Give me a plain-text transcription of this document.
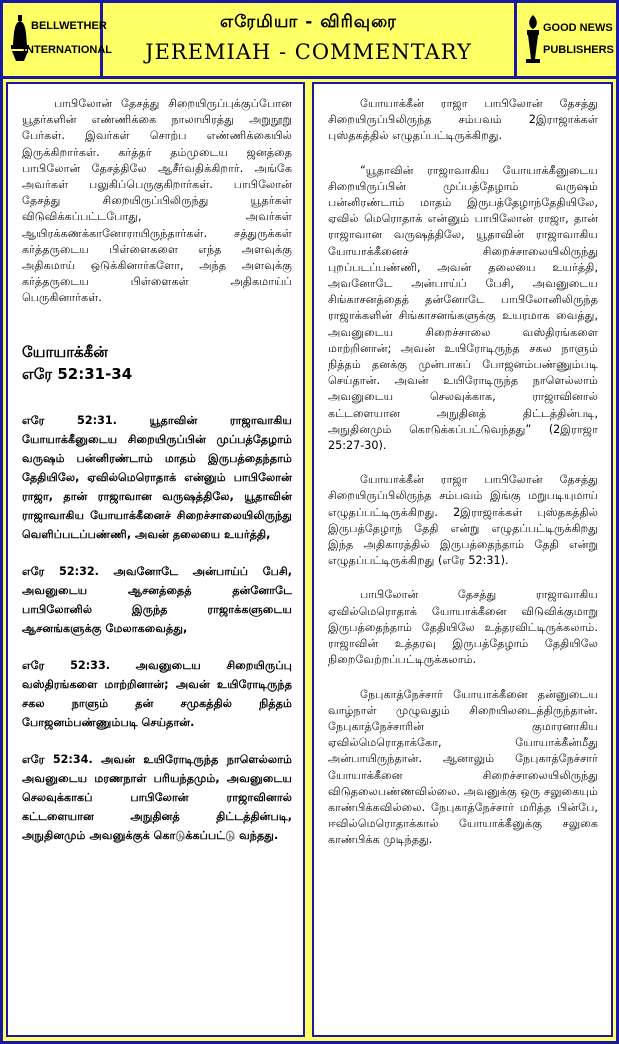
BELLWETHER
INTERNATIONAL
எரேமியா - விரிவுரை
JEREMIAH - COMMENTARY
GOOD NEWS
PUBLISHERS

பாபிலோன் தேசத்து சிறையிருப்புக்குப்போன யூதர்களின் எண்ணிக்கை நாலாயிரத்து அறுநூறு பேர்கள். இவர்கள் சொற்ப எண்ணிக்கையில் இருக்கிறார்கள். கர்த்தர் தம்முடைய ஜனத்தை பாபிலோன் தேசத்திலே ஆசீர்வதிக்கிறார். அங்கே அவர்கள் பலுகிப்பெருகுகிறார்கள். பாபிலோன் தேசத்து சிறையிருப்பிலிருந்து யூதர்கள் விடுவிக்கப்பட்டபோது, அவர்கள் ஆயிரக்கணக்கானோராயிருந்தார்கள். சத்துருக்கள் கர்த்தருடைய பிள்ளைகளை எந்த அளவுக்கு அதிகமாய் ஒடுக்கினார்களோ, அந்த அளவுக்கு கர்த்தருடைய பிள்ளைகள் அதிகமாய்ப் பெருகினார்கள்.

யோயாக்கீன்
எரே 52:31-34
எரே 52:31. யூதாவின் ராஜாவாகிய யோயாக்கீனுடைய சிறையிருப்பின் முப்பத்தேழாம் வருஷம் பன்னிரண்டாம் மாதம் இருபத்தைந்தாம் தேதியிலே, ஏவில்மெரொதாக் என்னும் பாபிலோன் ராஜா, தான் ராஜாவான வருஷத்திலே, யூதாவின் ராஜாவாகிய யோயாக்கீனைச் சிறைச்சாலையிலிருந்து வெளிப்படப்பண்ணி, அவன் தலையை உயர்த்தி,
எரே 52:32. அவனோடே அன்பாய்ப் பேசி, அவனுடைய ஆசனத்தைத் தன்னோடே பாபிலோனில் இருந்த ராஜாக்களுடைய ஆசனங்களுக்கு மேலாகவைத்து,
எரே 52:33. அவனுடைய சிறையிருப்பு வஸ்திரங்களை மாற்றினான்; அவன் உயிரோடிருந்த சகல நாளும் தன் சமுகத்தில் நித்தம் போஜனம்பண்ணும்படி செய்தான்.
எரே 52:34. அவன் உயிரோடிருந்த நாளெல்லாம் அவனுடைய மரணநாள் பரியந்தமும், அவனுடைய செலவுக்காகப் பாபிலோன் ராஜாவினால் கட்டளையான அநுதினத் திட்டத்தின்படி, அநுதினமும் அவனுக்குக் கொடுக்கப்பட்டு வந்தது.

யோயாக்கீன் ராஜா பாபிலோன் தேசத்து சிறையிருப்பிலிருந்த சம்பவம் 2இராஜாக்கள் புஸ்தகத்தில் எழுதப்பட்டிருக்கிறது.

“யூதாவின் ராஜாவாகிய யோயாக்கீனுடைய சிறையிருப்பின் முப்பத்தேழாம் வருஷம் பன்னிரண்டாம் மாதம் இருபத்தேழாந்தேதியிலே, ஏவில் மெரொதாக் என்னும் பாபிலோன் ராஜா, தான் ராஜாவான வருஷத்திலே, யூதாவின் ராஜாவாகிய யோயாக்கீனைச் சிறைச்சாலையிலிருந்து புறப்படப்பண்ணி, அவன் தலையை உயர்த்தி, அவனோடே அன்பாய்ப் பேசி, அவனுடைய சிங்காசனத்தைத் தன்னோடே பாபிலோனிலிருந்த ராஜாக்களின் சிங்காசனங்களுக்கு உயரமாக வைத்து, அவனுடைய சிறைச்சாலை வஸ்திரங்களை மாற்றினான்; அவன் உயிரோடிருந்த சகல நாளும் நித்தம் தனக்கு முன்பாகப் போஜனம்பண்ணும்படி செய்தான். அவன் உயிரோடிருந்த நாளெல்லாம் அவனுடைய செலவுக்காக, ராஜாவினால் கட்டளையான அநுதினத் திட்டத்தின்படி, அநுதினமும் கொடுக்கப்பட்டுவந்தது” (2இராஜா 25:27-30).

யோயாக்கீன் ராஜா பாபிலோன் தேசத்து சிறையிருப்பிலிருந்த சம்பவம் இங்கு மறுபடியுமாய் எழுதப்பட்டிருக்கிறது. 2இராஜாக்கள் புஸ்தகத்தில் இருபத்தேழாந் தேதி என்று எழுதப்பட்டிருக்கிறது இந்த அதிகாரத்தில் இருபத்தைந்தாம் தேதி என்று எழுதப்பட்டிருக்கிறது (எரே 52:31).

பாபிலோன் தேசத்து ராஜாவாகிய ஏவில்மெரொதாக் யோயாக்கீனை விடுவிக்குமாறு இருபத்தைந்தாம் தேதியிலே உத்தரவிட்டிருக்கலாம். ராஜாவின் உத்தரவு இருபத்தேழாம் தேதியிலே நிறைவேற்றப்பட்டிருக்கலாம்.

நேபுகாத்நேச்சார் யோயாக்கீனை தன்னுடைய வாழ்நாள் முழுவதும் சிறையிலடைத்திருந்தான். நேபுகாத்நேச்சாரின் குமாரனாகிய ஏவில்மெரொதாக்கோ, யோயாக்கீன்மீது அன்பாயிருந்தான். ஆனாலும் நேபுகாத்நேச்சார் யோயாக்கீனை சிறைச்சாலையிலிருந்து விடுதலைபண்ணவில்லை. அவனுக்கு ஒரு சலுகையும் காண்பிக்கவில்லை. நேபுகாத்நேச்சார் மரித்த பின்பே, ஈவில்மெரொதாக்கால் யோயாக்கீனுக்கு சலுகை காண்பிக்க முடிந்தது.
